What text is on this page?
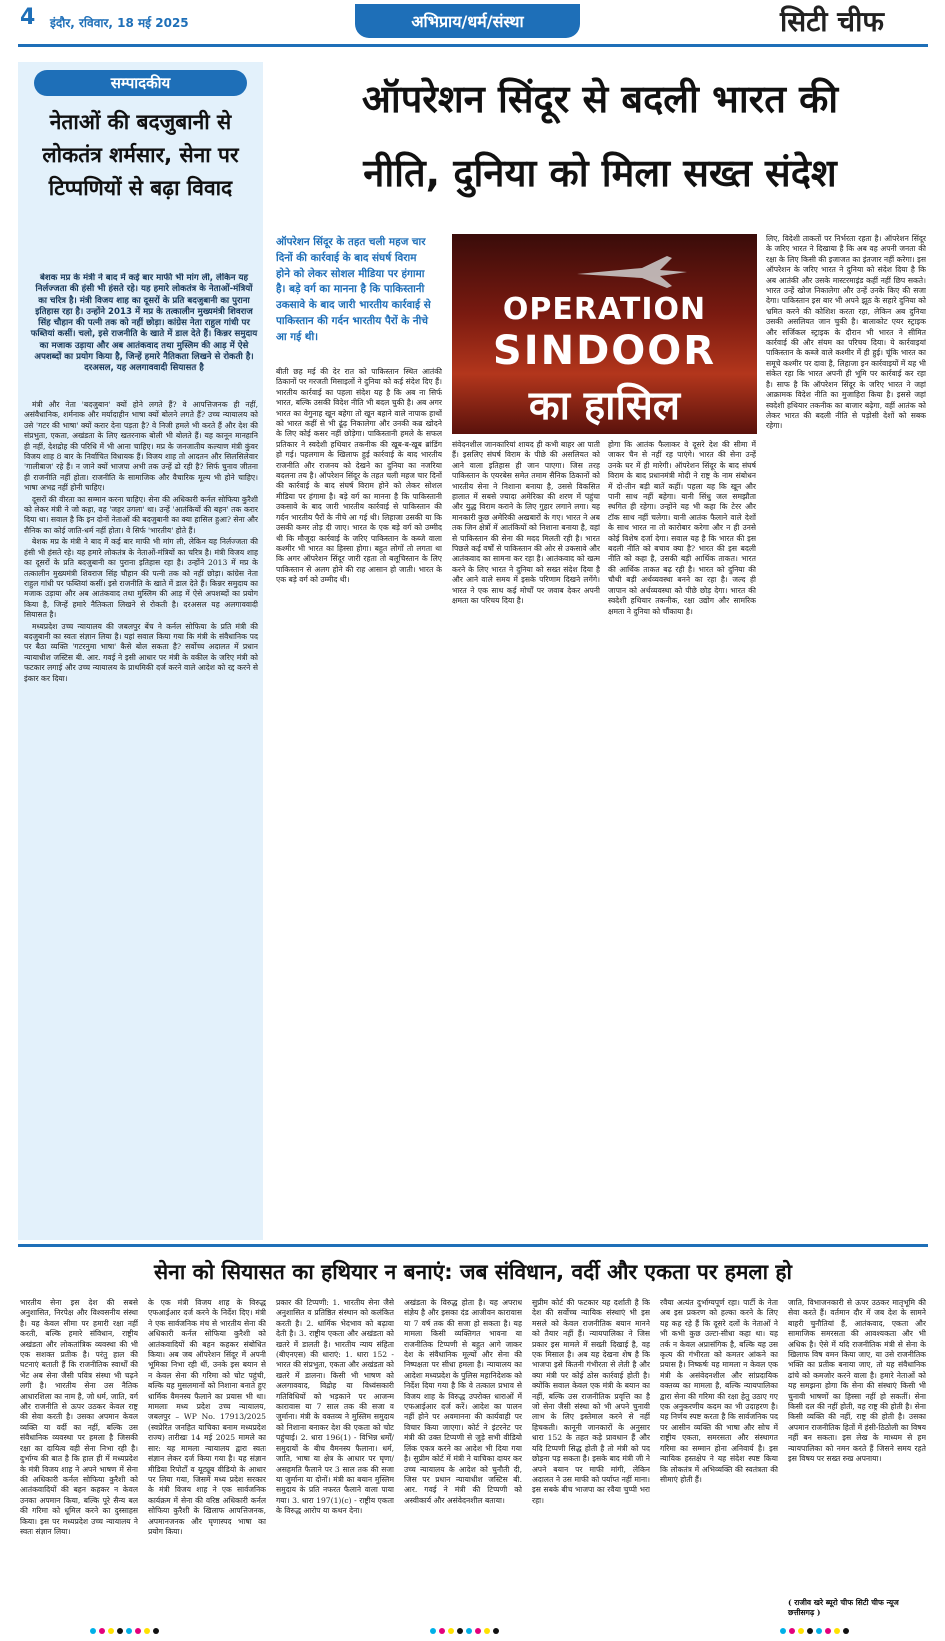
4 इंदौर, रविवार, 18 मई 2025	अभिप्राय/धर्म/संस्था	सिटी चीफ
सम्पादकीय
नेताओं की बदजुबानी से लोकतंत्र शर्मसार, सेना पर टिप्पणियों से बढ़ा विवाद
बेशक मप्र के मंत्री ने बाद में कई बार माफी भी मांग ली, लेकिन यह निर्लज्जता की हंसी भी हंसते रहे। यह हमारे लोकतंत्र के नेताओं-मंत्रियों का चरित्र है। मंत्री विजय शाह का दूसरों के प्रति बदजुबानी का पुराना इतिहास रहा है। उन्होंने 2013 में मप्र के तत्कालीन मुख्यमंत्री शिवराज सिंह चौहान की पत्नी तक को नहीं छोड़ा। कांग्रेस नेता राहुल गांधी पर फब्तियां कसीं। चलो, इसे राजनीति के खाते में डाल देते हैं। किन्नर समुदाय का मजाक उड़ाया और अब आतंकवाद तथा मुस्लिम की आड़ में ऐसे अपशब्दों का प्रयोग किया है, जिन्हें हमारे नैतिकता लिखने से रोकती है। दरअसल, यह अलगाववादी सियासत है

मंत्री और नेता 'बदजुबान' क्यों होने लगते हैं? वे आपत्तिजनक ही नहीं, असंवैधानिक, शर्मनाक और मर्यादाहीन भाषा क्यों बोलने लगते हैं? उच्च न्यायालय को उसे 'गटर की भाषा' क्यों करार देना पड़ता है? वे निजी हमले भी करते हैं और देश की संप्रभुता, एकता, अखंडता के लिए खतरनाक बोली भी बोलते हैं। यह कानून मानहानि ही नहीं, देशद्रोह की परिधि में भी आना चाहिए। मप्र के जनजातीय कल्याण मंत्री कुंवर विजय शाह 8 बार के निर्वाचित विधायक हैं। विजय शाह तो आदतन और सिलसिलेवार 'गालीबाज' रहे हैं। न जाने क्यों भाजपा अभी तक उन्हें ढो रही है? सिर्फ चुनाव जीतना ही राजनीति नहीं होता। राजनीति के सामाजिक और वैचारिक मूल्य भी होने चाहिए। भाषा अभद्र नहीं होनी चाहिए।

दूसरों की वीरता का सम्मान करना चाहिए। सेना की अधिकारी कर्नल सोफिया कुरैशी को लेकर मंत्री ने जो कहा, वह 'जहर उगला' था। उन्हें 'आतंकियों की बहन' तक करार दिया था। सवाल है कि इन दोनों नेताओं की बदजुबानी का क्या हासिल हुआ? सेना और सैनिक का कोई जाति-धर्म नहीं होता। वे सिर्फ 'भारतीय' होते हैं।

बेशक मप्र के मंत्री ने बाद में कई बार माफी भी मांग ली, लेकिन यह निर्लज्जता की हंसी भी हंसते रहे। यह हमारे लोकतंत्र के नेताओं-मंत्रियों का चरित्र है। मंत्री विजय शाह का दूसरों के प्रति बदजुबानी का पुराना इतिहास रहा है। उन्होंने 2013 में मप्र के तत्कालीन मुख्यमंत्री शिवराज सिंह चौहान की पत्नी तक को नहीं छोड़ा। कांग्रेस नेता राहुल गांधी पर फब्तियां कसीं। इसे राजनीति के खाते में डाल देते हैं। किन्नर समुदाय का मजाक उड़ाया और अब आतंकवाद तथा मुस्लिम की आड़ में ऐसे अपशब्दों का प्रयोग किया है, जिन्हें हमारे नैतिकता लिखने से रोकती है। दरअसल यह अलगाववादी सियासत है।

मध्यप्रदेश उच्च न्यायालय की जबलपुर बेंच ने कर्नल सोफिया के प्रति मंत्री की बदजुबानी का स्वतः संज्ञान लिया है। यहां सवाल किया गया कि मंत्री के संवैधानिक पद पर बैठा व्यक्ति 'गटरनुमा भाषा' कैसे बोल सकता है? सर्वोच्च अदालत में प्रधान न्यायाधीश जस्टिस बी. आर. गवई ने इसी आधार पर मंत्री के वकील के जरिए मंत्री को फटकार लगाई और उच्च न्यायालय के प्राथमिकी दर्ज करने वाले आदेश को रद्द करने से इंकार कर दिया।

ऑपरेशन सिंदूर से बदली भारत की
नीति, दुनिया को मिला सख्त संदेश
ऑपरेशन सिंदूर के तहत चली महज चार दिनों की कार्रवाई के बाद संघर्ष विराम होने को लेकर सोशल मीडिया पर हंगामा है। बड़े वर्ग का मानना है कि पाकिस्तानी उकसावे के बाद जारी भारतीय कार्रवाई से पाकिस्तान की गर्दन भारतीय पैरों के नीचे आ गई थी।
OPERATION
SINDOOR
का हासिल
बीती छह मई की देर रात को पाकिस्तान स्थित आतंकी ठिकानों पर गरजती मिसाइलों ने दुनिया को कई संदेश दिए हैं। भारतीय कार्रवाई का पहला संदेश यह है कि अब ना सिर्फ भारत, बल्कि उसकी विदेश नीति भी बदल चुकी है। अब अगर भारत का वेगुनाह खून बहेगा तो खून बहाने वाले नापाक हाथों को भारत कहीं से भी ढूंढ़ निकालेगा और उनकी कब्र खोदने के लिए कोई कसर नहीं छोड़ेगा। पाकिस्तानी हमले के सफल प्रतिकार ने स्वदेशी हथियार तकनीक की खूब-ब-खूब ब्रांडिंग हो गई। पहलगाम के खिलाफ हुई कार्रवाई के बाद भारतीय राजनीति और राजनय को देखने का दुनिया का नजरिया बदलना तय है। ऑपरेशन सिंदूर के तहत चली महज चार दिनों की कार्रवाई के बाद संघर्ष विराम होने को लेकर सोशल मीडिया पर हंगामा है। बड़े वर्ग का मानना है कि पाकिस्तानी उकसावे के बाद जारी भारतीय कार्रवाई से पाकिस्तान की गर्दन भारतीय पैरों के नीचे आ गई थी। लिहाजा उसकी या कि उसकी कमर तोड़ दी जाए। भारत के एक बड़े वर्ग को उम्मीद थी कि मौजूदा कार्रवाई के जरिए पाकिस्तान के कब्जे वाला कश्मीर भी भारत का हिस्सा होगा। बहुत लोगों तो लगता था कि अगर ऑपरेशन सिंदूर जारी रहता तो बलूचिस्तान के लिए पाकिस्तान से अलग होने की राह आसान हो जाती। भारत के एक बड़े वर्ग को उम्मीद थी।
संवेदनशील जानकारियां शायद ही कभी बाहर आ पाती हैं। इसलिए संघर्ष विराम के पीछे की असलियत को आने वाला इतिहास ही जान पाएगा। जिस तरह पाकिस्तान के एयरबेस समेत तमाम सैनिक ठिकानों को भारतीय सेना ने निशाना बनाया है, उससे विकसित हालात में सबसे ज्यादा अमेरिका की शरण में पहुंचा और युद्ध विराम कराने के लिए गुहार लगाने लगा। यह मानकारी कुछ अमेरिकी अखबारों के गए। भारत ने अब तक जिन क्षेत्रों में आतंकियों को निशाना बनाया है, वहां से पाकिस्तान की सेना की मदद मिलती रही है। भारत पिछले कई वर्षों से पाकिस्तान की ओर से उकसावे और आतंकवाद का सामना कर रहा है। आतंकवाद को खत्म करने के लिए भारत ने दुनिया को सख्त संदेश दिया है और आने वाले समय में इसके परिणाम दिखने लगेंगे। भारत ने एक साथ कई मोर्चों पर जवाब देकर अपनी क्षमता का परिचय दिया है।
होगा कि आतंक फैलाकर वे दूसरे देश की सीमा में जाकर चैन से नहीं रह पाएंगे। भारत की सेना उन्हें उनके घर में ही मारेगी। ऑपरेशन सिंदूर के बाद संघर्ष विराम के बाद प्रधानमंत्री मोदी ने राष्ट्र के नाम संबोधन में दो-तीन बड़ी बातें कहीं। पहला यह कि खून और पानी साथ नहीं बहेगा। यानी सिंधु जल समझौता स्थगित ही रहेगा। उन्होंने यह भी कहा कि टेरर और टॉक साथ नहीं चलेगा। यानी आतंक फैलाने वाले देशों के साथ भारत ना तो कारोबार करेगा और न ही उनसे कोई विशेष दर्जा देगा। सवाल यह है कि भारत की इस बदली नीति को बचाव क्या है? भारत की इस बदली नीति को कहा है, उसकी बड़ी आर्थिक ताकत। भारत की आर्थिक ताकत बढ़ रही है। भारत को दुनिया की चौथी बड़ी अर्थव्यवस्था बनने का रहा है। जल्द ही जापान को अर्थव्यवस्था को पीछे छोड़ देगा। भारत की स्वदेशी हथियार तकनीक, रक्षा उद्योग और सामरिक क्षमता ने दुनिया को चौंकाया है।
लिए, विदेशी ताकतों पर निर्भरता रहता है। ऑपरेशन सिंदूर के जरिए भारत ने दिखाया है कि अब वह अपनी जनता की रक्षा के लिए किसी की इजाजत का इंतजार नहीं करेगा। इस ऑपरेशन के जरिए भारत ने दुनिया को संदेश दिया है कि अब आतंकी और उसके मास्टरमाइंड कहीं नहीं छिप सकते। भारत उन्हें खोज निकालेगा और उन्हें उनके किए की सजा देगा। पाकिस्तान इस बार भी अपने झूठ के सहारे दुनिया को भ्रमित करने की कोशिश करता रहा, लेकिन अब दुनिया उसकी असलियत जान चुकी है। बालाकोट एयर स्ट्राइक और सर्जिकल स्ट्राइक के दौरान भी भारत ने सीमित कार्रवाई की और संयम का परिचय दिया। ये कार्रवाइयां पाकिस्तान के कब्जे वाले कश्मीर में ही हुई। चूंकि भारत का समूचे कश्मीर पर दावा है, लिहाजा इन कार्रवाइयों में यह भी संकेत रहा कि भारत अपनी ही भूमि पर कार्रवाई कर रहा है। साफ है कि ऑपरेशन सिंदूर के जरिए भारत ने जहां आक्रामक विदेश नीति का मुजाहिरा किया है। इससे जहां स्वदेशी हथियार तकनीक का बाजार बढ़ेगा, वहीं आतंक को लेकर भारत की बदली नीति से पड़ोसी देशों को सबक रहेगा।
सेना को सियासत का हथियार न बनाएं: जब संविधान, वर्दी और एकता पर हमला हो
भारतीय सेना इस देश की सबसे अनुशासित, निरपेक्ष और विश्वसनीय संस्था है। यह केवल सीमा पर हमारी रक्षा नहीं करती, बल्कि हमारे संविधान, राष्ट्रीय अखंडता और लोकतांत्रिक व्यवस्था की भी एक सशक्त प्रतीक है। परंतु हाल की घटनाएं बताती हैं कि राजनीतिक स्वार्थों की भेंट अब सेना जैसी पवित्र संस्था भी चढ़ने लगी है। भारतीय सेना उस नैतिक आधारशिला का नाम है, जो धर्म, जाति, वर्ग और राजनीति से ऊपर उठकर केवल राष्ट्र की सेवा करती है। उसका अपमान केवल व्यक्ति या वर्दी का नहीं, बल्कि उस संवैधानिक व्यवस्था पर हमला है जिसकी रक्षा का दायित्व वही सेना निभा रही है। दुर्भाग्य की बात है कि हाल ही में मध्यप्रदेश के मंत्री विजय शाह ने अपने भाषण में सेना की अधिकारी कर्नल सोफिया कुरैशी को आतंकवादियों की बहन कहकर न केवल उनका अपमान किया, बल्कि पूरे सैन्य बल की गरिमा को धूमिल करने का दुस्साहस किया। इस पर मध्यप्रदेश उच्च न्यायालय ने स्वतः संज्ञान लिया।
के एक मंत्री विजय शाह के विरुद्ध एफआईआर दर्ज करने के निर्देश दिए। मंत्री ने एक सार्वजनिक मंच से भारतीय सेना की अधिकारी कर्नल सोफिया कुरैशी को आतंकवादियों की बहन कहकर संबोधित किया। अब जब ऑपरेशन सिंदूर में अपनी भूमिका निभा रही थीं, उनके इस बयान से न केवल सेना की गरिमा को चोट पहुंची, बल्कि यह मुसलमानों को निशाना बनाते हुए धार्मिक वैमनस्य फैलाने का प्रयास भी था। मामलाः मध्य प्रदेश उच्च न्यायालय, जबलपुर – WP No. 17913/2025 (स्वप्रेरित जनहित याचिका बनाम मध्यप्रदेश राज्य) तारीखः 14 मई 2025 मामले का सार: यह मामला न्यायालय द्वारा स्वतः संज्ञान लेकर दर्ज किया गया है। यह संज्ञान मीडिया रिपोर्टों व यूट्यूब वीडियो के आधार पर लिया गया, जिसमें मध्य प्रदेश सरकार के मंत्री विजय शाह ने एक सार्वजनिक कार्यक्रम में सेना की वरिष्ठ अधिकारी कर्नल सोफिया कुरैशी के खिलाफ आपत्तिजनक, अपमानजनक और घृणास्पद भाषा का प्रयोग किया।
प्रकार की टिप्पणी: 1. भारतीय सेना जैसे अनुशासित व प्रतिष्ठित संस्थान को कलंकित करती है। 2. धार्मिक भेदभाव को बढ़ावा देती है। 3. राष्ट्रीय एकता और अखंडता को खतरे में डालती है। भारतीय न्याय संहिता (बीएनएस) की धाराएं: 1. धारा 152 - भारत की संप्रभुता, एकता और अखंडता को खतरे में डालना। किसी भी भाषण को अलगाववाद, विद्रोह या विध्वंसकारी गतिविधियों को भड़काने पर आजन्म कारावास या 7 साल तक की सजा व जुर्माना। मंत्री के वक्तव्य ने मुस्लिम समुदाय को निशाना बनाकर देश की एकता को चोट पहुंचाई। 2. धारा 196(1) - विभिन्न धर्मों/समुदायों के बीच वैमनस्य फैलाना। धर्म, जाति, भाषा या क्षेत्र के आधार पर घृणा/असहमति फैलाने पर 3 साल तक की सजा या जुर्माना या दोनों। मंत्री का बयान मुस्लिम समुदाय के प्रति नफरत फैलाने वाला पाया गया। 3. धारा 197(1)(c) - राष्ट्रीय एकता के विरुद्ध आरोप या कथन देना।
अखंडता के विरुद्ध होता है। यह अपराध संज्ञेय है और इसका दंड आजीवन कारावास या 7 वर्ष तक की सजा हो सकता है। यह मामला किसी व्यक्तिगत भावना या राजनीतिक टिप्पणी से बहुत आगे जाकर देश के संवैधानिक मूल्यों और सेना की निष्पक्षता पर सीधा हमला है। न्यायालय का आदेशः मध्यप्रदेश के पुलिस महानिदेशक को निर्देश दिया गया है कि वे तत्काल प्रभाव से विजय शाह के विरुद्ध उपरोक्त धाराओं में एफआईआर दर्ज करें। आदेश का पालन नहीं होने पर अवमानना की कार्यवाही पर विचार किया जाएगा। कोर्ट ने इंटरनेट पर मंत्री की उक्त टिप्पणी से जुड़े सभी वीडियो लिंक एकत्र करने का आदेश भी दिया गया है। सुप्रीम कोर्ट में मंत्री ने याचिका दायर कर उच्च न्यायालय के आदेश को चुनौती दी, जिस पर प्रधान न्यायाधीश जस्टिस बी. आर. गवई ने मंत्री की टिप्पणी को अस्वीकार्य और असंवेदनशील बताया।
सुप्रीम कोर्ट की फटकार यह दर्शाती है कि देश की सर्वोच्च न्यायिक संस्थाएं भी इस मसले को केवल राजनीतिक बयान मानने को तैयार नहीं हैं। न्यायपालिका ने जिस प्रकार इस मामले में सख्ती दिखाई है, वह एक मिसाल है। अब यह देखना शेष है कि भाजपा इसे कितनी गंभीरता से लेती है और क्या मंत्री पर कोई ठोस कार्रवाई होती है। क्योंकि सवाल केवल एक मंत्री के बयान का नहीं, बल्कि उस राजनीतिक प्रवृत्ति का है जो सेना जैसी संस्था को भी अपने चुनावी लाभ के लिए इस्तेमाल करने से नहीं हिचकती। कानूनी जानकारों के अनुसार धारा 152 के तहत कड़े प्रावधान हैं और यदि टिप्पणी सिद्ध होती है तो मंत्री को पद छोड़ना पड़ सकता है। इसके बाद मंत्री जी ने अपने बयान पर माफी मांगी, लेकिन अदालत ने उस माफी को पर्याप्त नहीं माना। इस सबके बीच भाजपा का रवैया चुप्पी भरा रहा।
रवैया अत्यंत दुर्भाग्यपूर्ण रहा। पार्टी के नेता अब इस प्रकरण को हल्का करने के लिए यह कह रहे हैं कि दूसरे दलों के नेताओं ने भी कभी कुछ उल्टा-सीधा कहा था। यह तर्क न केवल अप्रासंगिक है, बल्कि यह उस कृत्य की गंभीरता को कमतर आंकने का प्रयास है। निष्कर्षः यह मामला न केवल एक मंत्री के असंवेदनशील और सांप्रदायिक वक्तव्य का मामला है, बल्कि न्यायपालिका द्वारा सेना की गरिमा की रक्षा हेतु उठाए गए एक अनुकरणीय कदम का भी उदाहरण है। यह निर्णय स्पष्ट करता है कि सार्वजनिक पद पर आसीन व्यक्ति की भाषा और सोच में राष्ट्रीय एकता, समरसता और संस्थागत गरिमा का सम्मान होना अनिवार्य है। इस न्यायिक हस्तक्षेप ने यह संदेश स्पष्ट किया कि लोकतंत्र में अभिव्यक्ति की स्वतंत्रता की सीमाएं होती हैं।
जाति, विभाजनकारी से ऊपर उठकर मातृभूमि की सेवा करते हैं। वर्तमान दौर में जब देश के सामने बाहरी चुनौतियां हैं, आतंकवाद, एकता और सामाजिक समरसता की आवश्यकता और भी अधिक है। ऐसे में यदि राजनीतिक मंत्री से सेना के खिलाफ विष वमन किया जाए, या उसे राजनीतिक भक्ति का प्रतीक बनाया जाए, तो यह संवैधानिक ढांचे को कमजोर करने वाला है। हमारे नेताओं को यह समझना होगा कि सेना की संस्थाएं किसी भी चुनावी भाषणों का हिस्सा नहीं हो सकतीं। सेना किसी दल की नहीं होती, वह राष्ट्र की होती है। सेना किसी व्यक्ति की नहीं, राष्ट्र की होती है। उसका अपमान राजनीतिक हितों में हंसी-ठिठोली का विषय नहीं बन सकता। इस लेख के माध्यम से हम न्यायपालिका को नमन करते हैं जिसने समय रहते इस विषय पर सख्त रुख अपनाया।
( राजीव खरे ब्यूरो चीफ सिटी चीफ न्यूज छत्तीसगढ़ )
